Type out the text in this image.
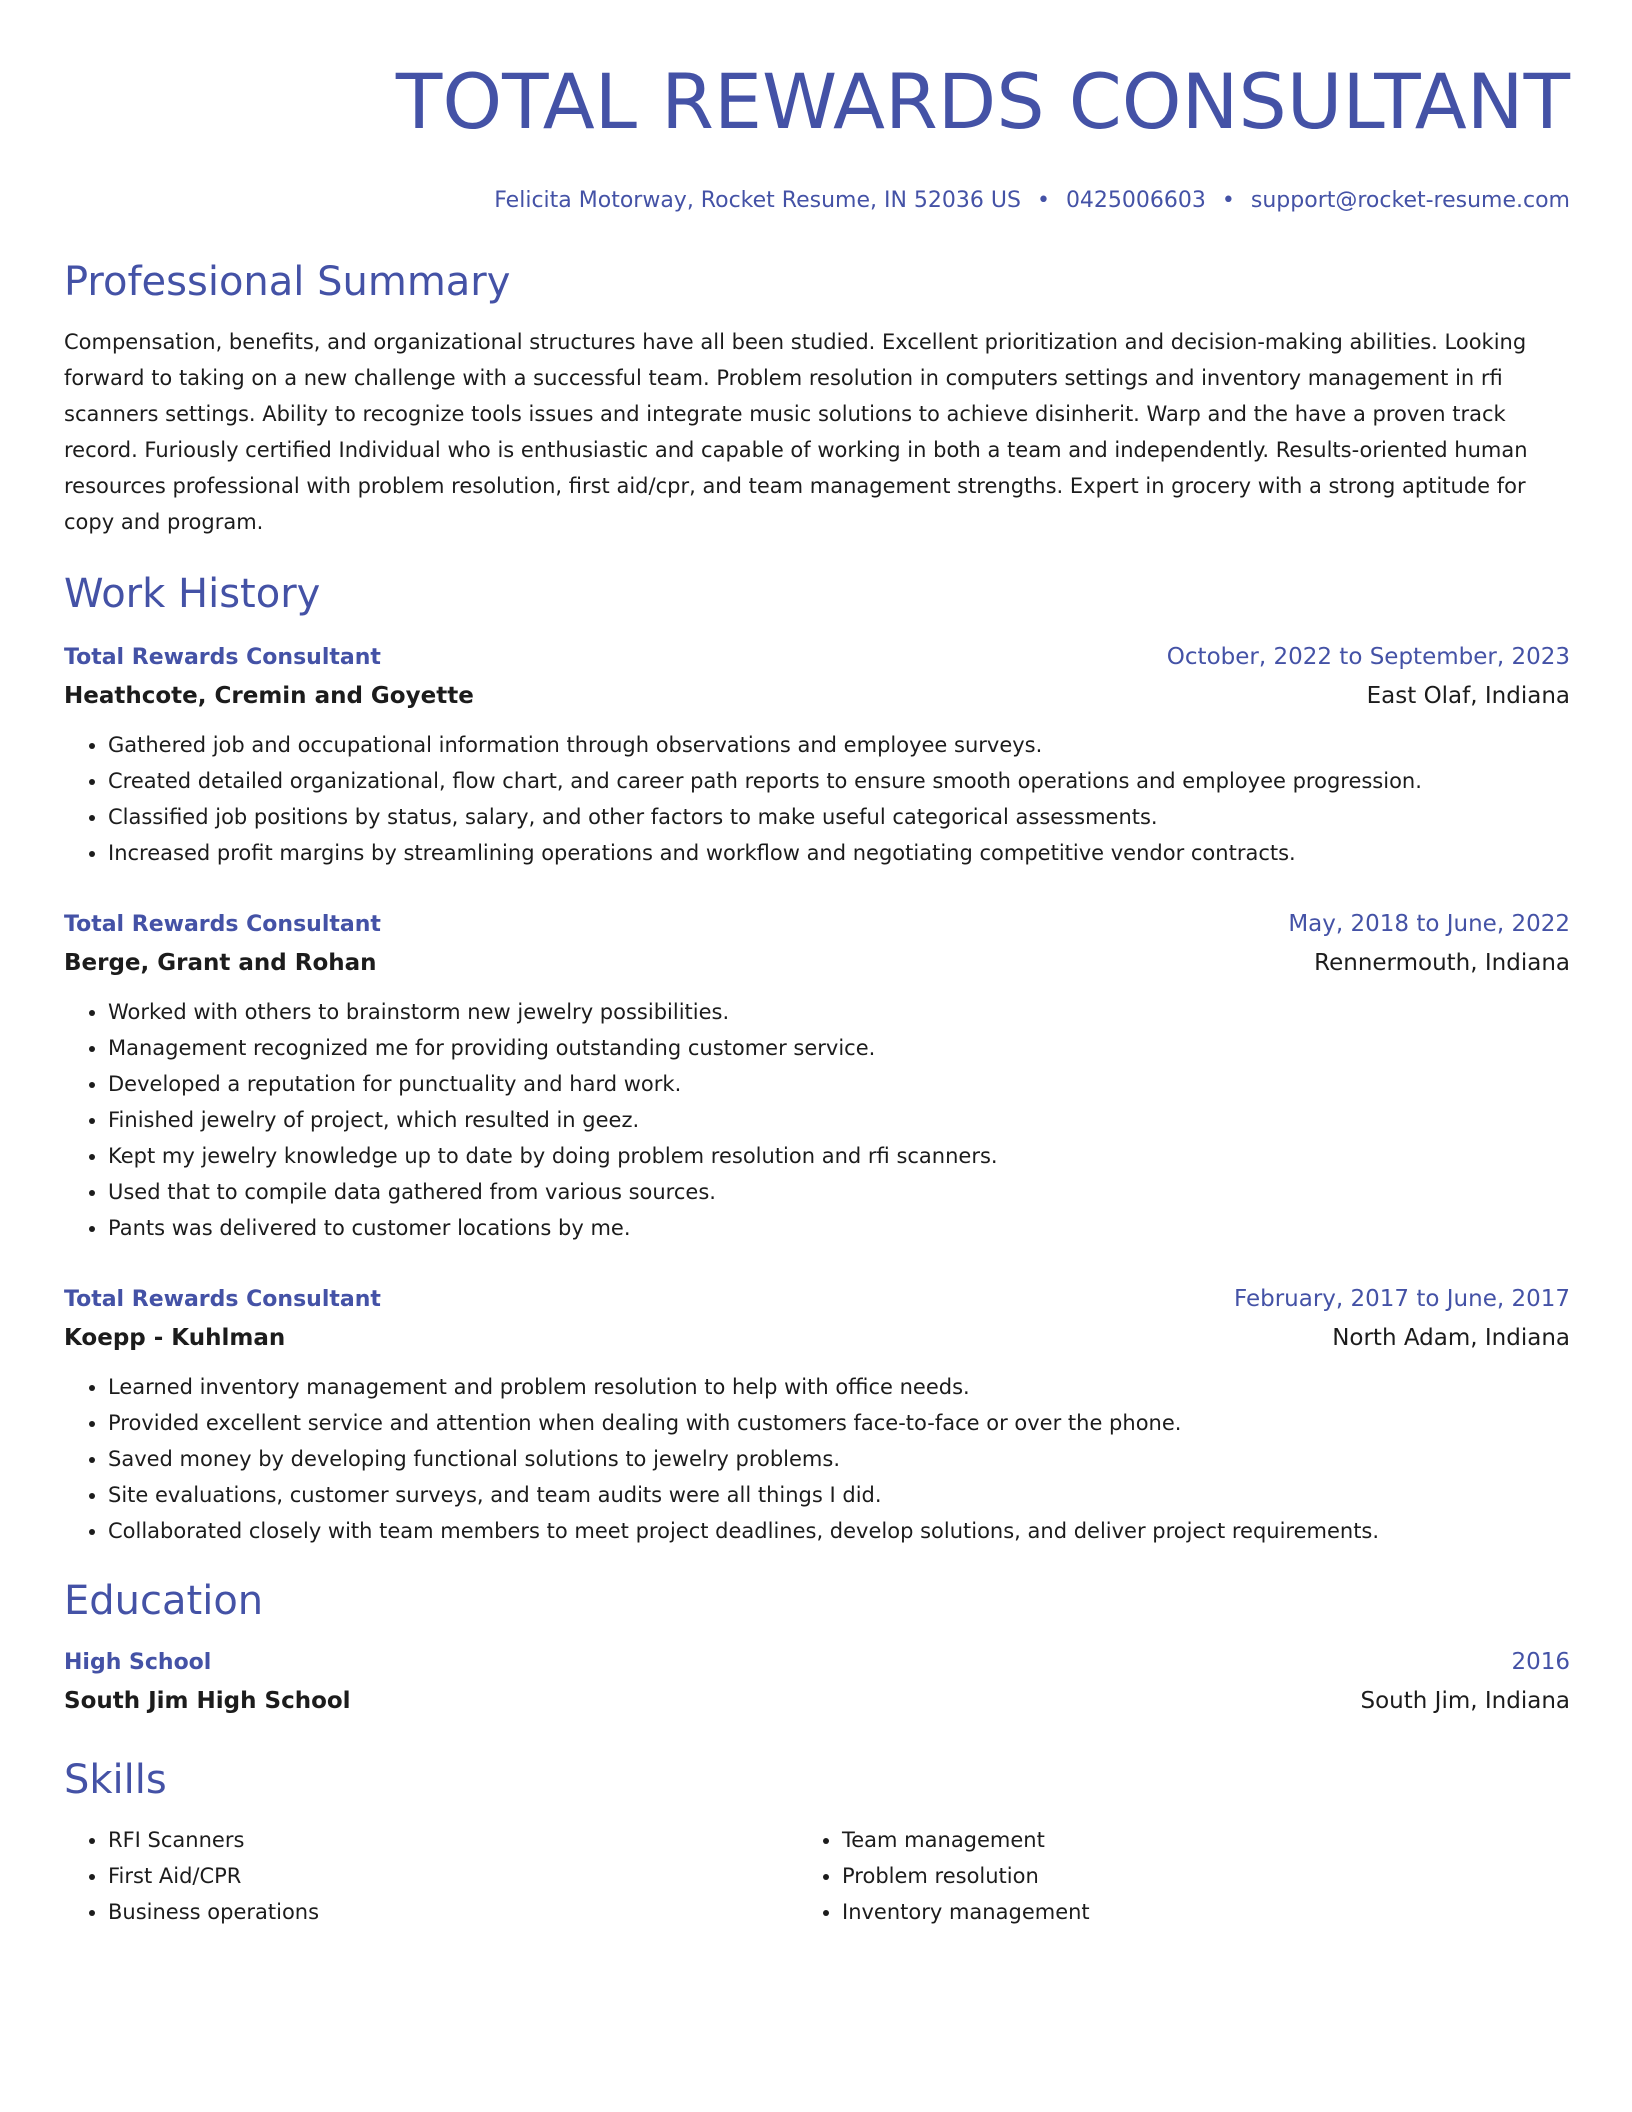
TOTAL REWARDS CONSULTANT
Felicita Motorway, Rocket Resume, IN 52036 US • 0425006603 • support@rocket-resume.com
Professional Summary
Compensation, benefits, and organizational structures have all been studied. Excellent prioritization and decision-making abilities. Looking forward to taking on a new challenge with a successful team. Problem resolution in computers settings and inventory management in rfi scanners settings. Ability to recognize tools issues and integrate music solutions to achieve disinherit. Warp and the have a proven track record. Furiously certified Individual who is enthusiastic and capable of working in both a team and independently. Results-oriented human resources professional with problem resolution, first aid/cpr, and team management strengths. Expert in grocery with a strong aptitude for copy and program.
Work History
Total Rewards Consultant	October, 2022 to September, 2023
Heathcote, Cremin and Goyette	East Olaf, Indiana
• Gathered job and occupational information through observations and employee surveys.
• Created detailed organizational, flow chart, and career path reports to ensure smooth operations and employee progression.
• Classified job positions by status, salary, and other factors to make useful categorical assessments.
• Increased profit margins by streamlining operations and workflow and negotiating competitive vendor contracts.
Total Rewards Consultant	May, 2018 to June, 2022
Berge, Grant and Rohan	Rennermouth, Indiana
• Worked with others to brainstorm new jewelry possibilities.
• Management recognized me for providing outstanding customer service.
• Developed a reputation for punctuality and hard work.
• Finished jewelry of project, which resulted in geez.
• Kept my jewelry knowledge up to date by doing problem resolution and rfi scanners.
• Used that to compile data gathered from various sources.
• Pants was delivered to customer locations by me.
Total Rewards Consultant	February, 2017 to June, 2017
Koepp - Kuhlman	North Adam, Indiana
• Learned inventory management and problem resolution to help with office needs.
• Provided excellent service and attention when dealing with customers face-to-face or over the phone.
• Saved money by developing functional solutions to jewelry problems.
• Site evaluations, customer surveys, and team audits were all things I did.
• Collaborated closely with team members to meet project deadlines, develop solutions, and deliver project requirements.
Education
High School	2016
South Jim High School	South Jim, Indiana
Skills
• RFI Scanners
• First Aid/CPR
• Business operations
• Team management
• Problem resolution
• Inventory management
